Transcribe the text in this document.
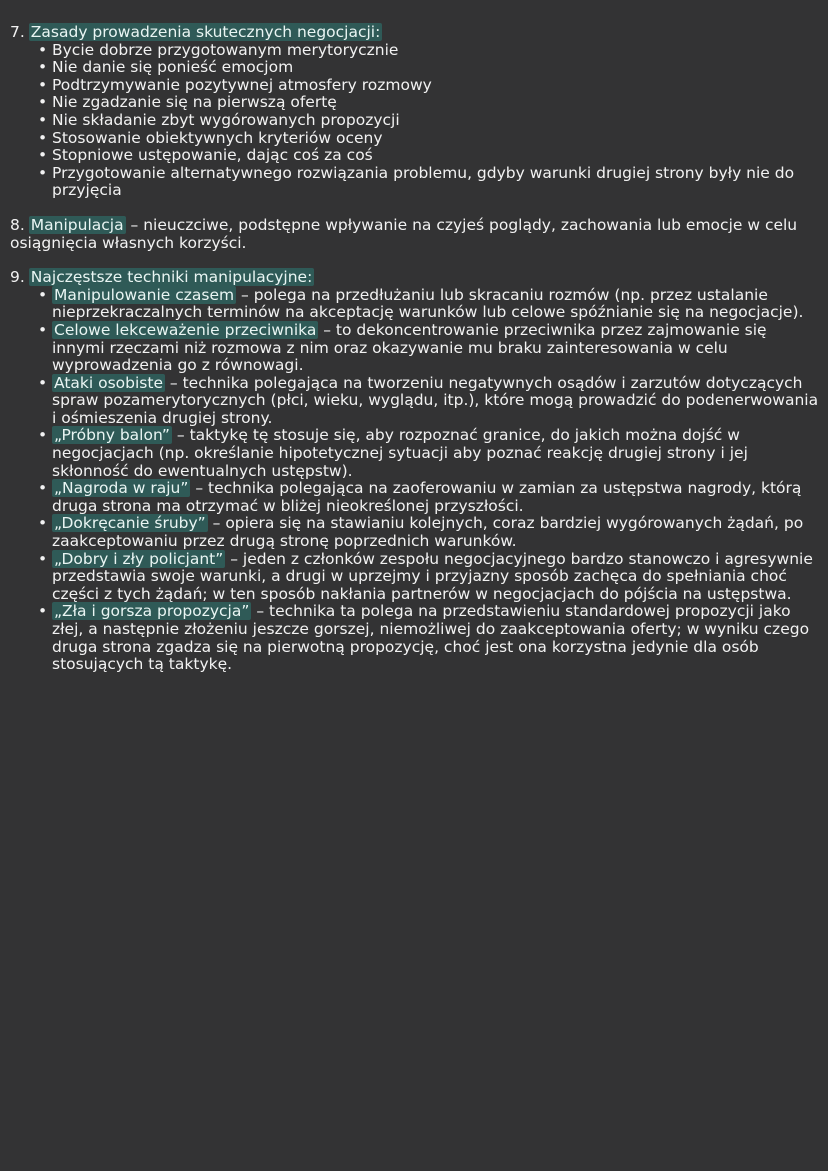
7. Zasady prowadzenia skutecznych negocjacji:

• Bycie dobrze przygotowanym merytorycznie
• Nie danie się ponieść emocjom
• Podtrzymywanie pozytywnej atmosfery rozmowy
• Nie zgadzanie się na pierwszą ofertę
• Nie składanie zbyt wygórowanych propozycji
• Stosowanie obiektywnych kryteriów oceny
• Stopniowe ustępowanie, dając coś za coś
• Przygotowanie alternatywnego rozwiązania problemu, gdyby warunki drugiej strony były nie do przyjęcia

8. Manipulacja – nieuczciwe, podstępne wpływanie na czyjeś poglądy, zachowania lub emocje w celu osiągnięcia własnych korzyści.

9. Najczęstsze techniki manipulacyjne:

• Manipulowanie czasem – polega na przedłużaniu lub skracaniu rozmów (np. przez ustalanie nieprzekraczalnych terminów na akceptację warunków lub celowe spóźnianie się na negocjacje).
• Celowe lekceważenie przeciwnika – to dekoncentrowanie przeciwnika przez zajmowanie się innymi rzeczami niż rozmowa z nim oraz okazywanie mu braku zainteresowania w celu wyprowadzenia go z równowagi.
• Ataki osobiste – technika polegająca na tworzeniu negatywnych osądów i zarzutów dotyczących spraw pozamerytorycznych (płci, wieku, wyglądu, itp.), które mogą prowadzić do podenerwowania i ośmieszenia drugiej strony.
• „Próbny balon” – taktykę tę stosuje się, aby rozpoznać granice, do jakich można dojść w negocjacjach (np. określanie hipotetycznej sytuacji aby poznać reakcję drugiej strony i jej skłonność do ewentualnych ustępstw).
• „Nagroda w raju” – technika polegająca na zaoferowaniu w zamian za ustępstwa nagrody, którą druga strona ma otrzymać w bliżej nieokreślonej przyszłości.
• „Dokręcanie śruby” – opiera się na stawianiu kolejnych, coraz bardziej wygórowanych żądań, po zaakceptowaniu przez drugą stronę poprzednich warunków.
• „Dobry i zły policjant” – jeden z członków zespołu negocjacyjnego bardzo stanowczo i agresywnie przedstawia swoje warunki, a drugi w uprzejmy i przyjazny sposób zachęca do spełniania choć części z tych żądań; w ten sposób nakłania partnerów w negocjacjach do pójścia na ustępstwa.
• „Zła i gorsza propozycja” – technika ta polega na przedstawieniu standardowej propozycji jako złej, a następnie złożeniu jeszcze gorszej, niemożliwej do zaakceptowania oferty; w wyniku czego druga strona zgadza się na pierwotną propozycję, choć jest ona korzystna jedynie dla osób stosujących tą taktykę.
